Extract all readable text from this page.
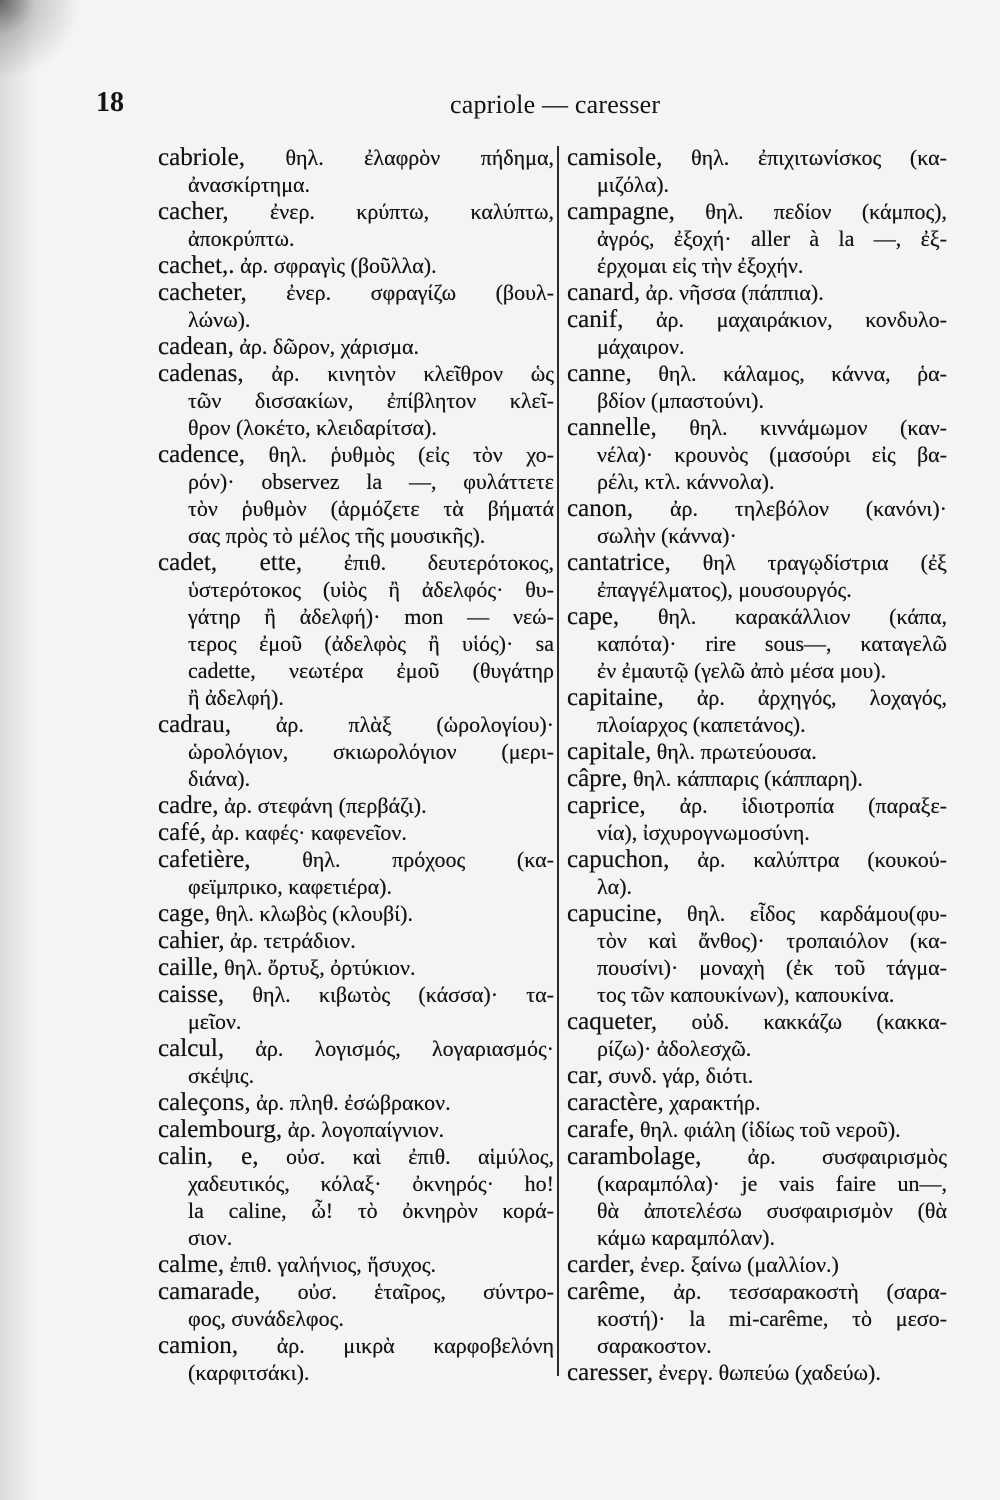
18	capriole — caresser
cabriole, θηλ. ἐλαφρὸν πήδημα,
ἀνασκίρτημα.
cacher, ἐνερ. κρύπτω, καλύπτω,
ἀποκρύπτω.
cachet,. ἀρ. σφραγὶς (βοῦλλα).
cacheter, ἐνερ. σφραγίζω (βουλ-
λώνω).
cadean, ἀρ. δῶρον, χάρισμα.
cadenas, ἀρ. κινητὸν κλεῖθρον ὡς
τῶν δισσακίων, ἐπίβλητον κλεῖ-
θρον (λοκέτο, κλειδαρίτσα).
cadence, θηλ. ῥυθμὸς (εἰς τὸν χο-
ρόν)· observez la —, φυλάττετε
τὸν ῥυθμὸν (ἁρμόζετε τὰ βήματά
σας πρὸς τὸ μέλος τῆς μουσικῆς).
cadet, ette, ἐπιθ. δευτερότοκος,
ὑστερότοκος (υἱὸς ἢ ἀδελφός· θυ-
γάτηρ ἢ ἀδελφή)· mon — νεώ-
τερος ἐμοῦ (ἀδελφὸς ἢ υἱός)· sa
cadette, νεωτέρα ἐμοῦ (θυγάτηρ
ἢ ἀδελφή).
cadrau, ἀρ. πλὰξ (ὡρολογίου)·
ὡρολόγιον, σκιωρολόγιον (μερι-
διάνα).
cadre, ἀρ. στεφάνη (περβάζι).
café, ἀρ. καφές· καφενεῖον.
cafetière, θηλ. πρόχοος (κα-
φεϊμπρικο, καφετιέρα).
cage, θηλ. κλωβὸς (κλουβί).
cahier, ἀρ. τετράδιον.
caille, θηλ. ὄρτυξ, ὀρτύκιον.
caisse, θηλ. κιβωτὸς (κάσσα)· τα-
μεῖον.
calcul, ἀρ. λογισμός, λογαριασμός·
σκέψις.
caleçons, ἀρ. πληθ. ἐσώβρακον.
calembourg, ἀρ. λογοπαίγνιον.
calin, e, οὐσ. καὶ ἐπιθ. αἱμύλος,
χαδευτικός, κόλαξ· ὀκνηρός· ho!
la caline, ὦ! τὸ ὀκνηρὸν κορά-
σιον.
calme, ἐπιθ. γαλήνιος, ἥσυχος.
camarade, οὐσ. ἑταῖρος, σύντρο-
φος, συνάδελφος.
camion, ἀρ. μικρὰ καρφοβελόνη
(καρφιτσάκι).
camisole, θηλ. ἐπιχιτωνίσκος (κα-
μιζόλα).
campagne, θηλ. πεδίον (κάμπος),
ἀγρός, ἐξοχή· aller à la —, ἐξ-
έρχομαι εἰς τὴν ἐξοχήν.
canard, ἀρ. νῆσσα (πάππια).
canif, ἀρ. μαχαιράκιον, κονδυλο-
μάχαιρον.
canne, θηλ. κάλαμος, κάννα, ῥα-
βδίον (μπαστούνι).
cannelle, θηλ. κιννάμωμον (καν-
νέλα)· κρουνὸς (μασούρι εἰς βα-
ρέλι, κτλ. κάννολα).
canon, ἀρ. τηλεβόλον (κανόνι)·
σωλὴν (κάννα)·
cantatrice, θηλ τραγῳδίστρια (ἐξ
ἐπαγγέλματος), μουσουργός.
cape, θηλ. καρακάλλιον (κάπα,
καπότα)· rire sous—, καταγελῶ
ἐν ἐμαυτῷ (γελῶ ἀπὸ μέσα μου).
capitaine, ἀρ. ἀρχηγός, λοχαγός,
πλοίαρχος (καπετάνος).
capitale, θηλ. πρωτεύουσα.
câpre, θηλ. κάππαρις (κάππαρη).
caprice, ἀρ. ἰδιοτροπία (παραξε-
νία), ἰσχυρογνωμοσύνη.
capuchon, ἀρ. καλύπτρα (κουκού-
λα).
capucine, θηλ. εἶδος καρδάμου(φυ-
τὸν καὶ ἄνθος)· τροπαιόλον (κα-
πουσίνι)· μοναχὴ (ἐκ τοῦ τάγμα-
τος τῶν καπουκίνων), καπουκίνα.
caqueter, οὐδ. κακκάζω (κακκα-
ρίζω)· ἀδολεσχῶ.
car, συνδ. γάρ, διότι.
caractère, χαρακτήρ.
carafe, θηλ. φιάλη (ἰδίως τοῦ νεροῦ).
carambolage, ἀρ. συσφαιρισμὸς
(καραμπόλα)· je vais faire un—,
θὰ ἀποτελέσω συσφαιρισμὸν (θὰ
κάμω καραμπόλαν).
carder, ἐνερ. ξαίνω (μαλλίον.)
carême, ἀρ. τεσσαρακοστὴ (σαρα-
κοστή)· la mi-carême, τὸ μεσο-
σαρακοστον.
caresser, ἐνεργ. θωπεύω (χαδεύω).
